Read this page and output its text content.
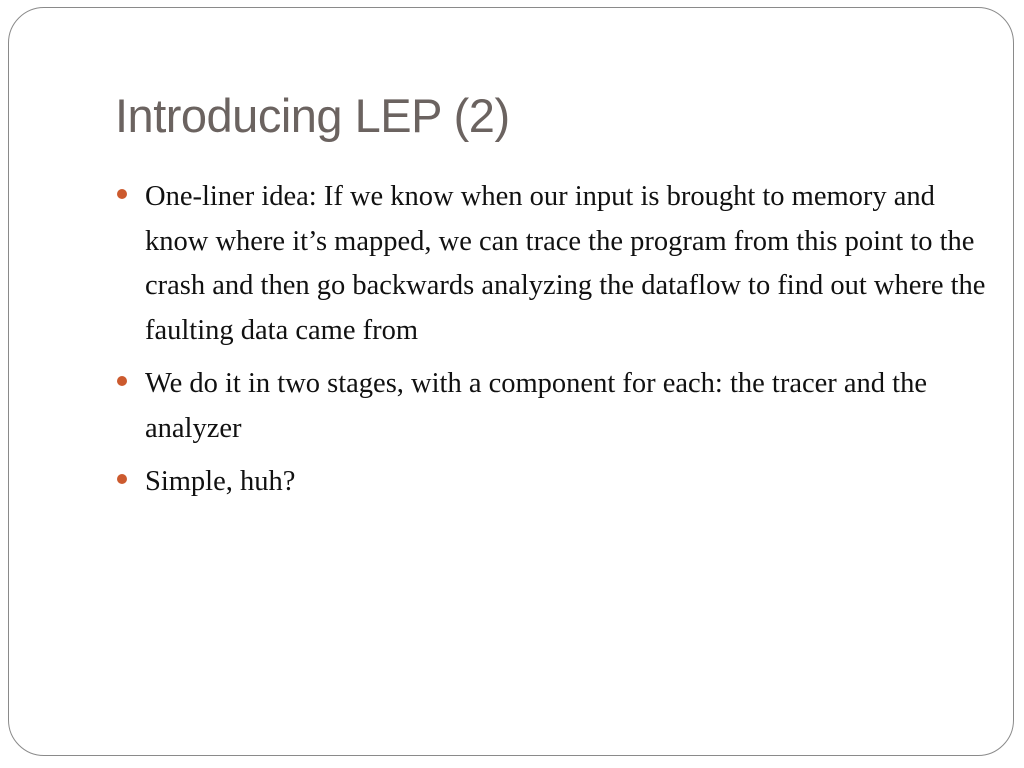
Introducing LEP (2)
One-liner idea: If we know when our input is brought to memory and know where it’s mapped, we can trace the program from this point to the crash and then go backwards analyzing the dataflow to find out where the faulting data came from
We do it in two stages, with a component for each: the tracer and the analyzer
Simple, huh?
